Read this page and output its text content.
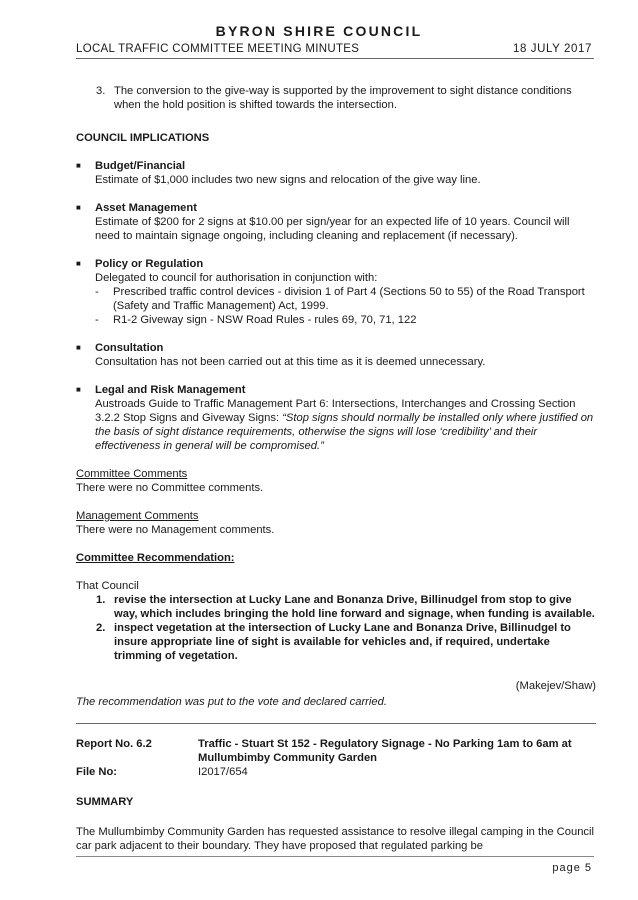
BYRON SHIRE COUNCIL
LOCAL TRAFFIC COMMITTEE MEETING MINUTES	18 JULY 2017
3. The conversion to the give-way is supported by the improvement to sight distance conditions when the hold position is shifted towards the intersection.
COUNCIL IMPLICATIONS
■	Budget/Financial
Estimate of $1,000 includes two new signs and relocation of the give way line.
■	Asset Management
Estimate of $200 for 2 signs at $10.00 per sign/year for an expected life of 10 years. Council will need to maintain signage ongoing, including cleaning and replacement (if necessary).
■	Policy or Regulation
Delegated to council for authorisation in conjunction with:
-	Prescribed traffic control devices - division 1 of Part 4 (Sections 50 to 55) of the Road Transport (Safety and Traffic Management) Act, 1999.
-	R1-2 Giveway sign - NSW Road Rules - rules 69, 70, 71, 122
■	Consultation
Consultation has not been carried out at this time as it is deemed unnecessary.
■	Legal and Risk Management
Austroads Guide to Traffic Management Part 6: Intersections, Interchanges and Crossing Section 3.2.2 Stop Signs and Giveway Signs: “Stop signs should normally be installed only where justified on the basis of sight distance requirements, otherwise the signs will lose ‘credibility’ and their effectiveness in general will be compromised.”
Committee Comments
There were no Committee comments.
Management Comments
There were no Management comments.
Committee Recommendation:
That Council
1. revise the intersection at Lucky Lane and Bonanza Drive, Billinudgel from stop to give way, which includes bringing the hold line forward and signage, when funding is available.
2. inspect vegetation at the intersection of Lucky Lane and Bonanza Drive, Billinudgel to insure appropriate line of sight is available for vehicles and, if required, undertake trimming of vegetation.
(Makejev/Shaw)
The recommendation was put to the vote and declared carried.
Report No. 6.2	Traffic - Stuart St 152 - Regulatory Signage - No Parking 1am to 6am at Mullumbimby Community Garden
File No:	I2017/654
SUMMARY
The Mullumbimby Community Garden has requested assistance to resolve illegal camping in the Council car park adjacent to their boundary. They have proposed that regulated parking be
page 5
